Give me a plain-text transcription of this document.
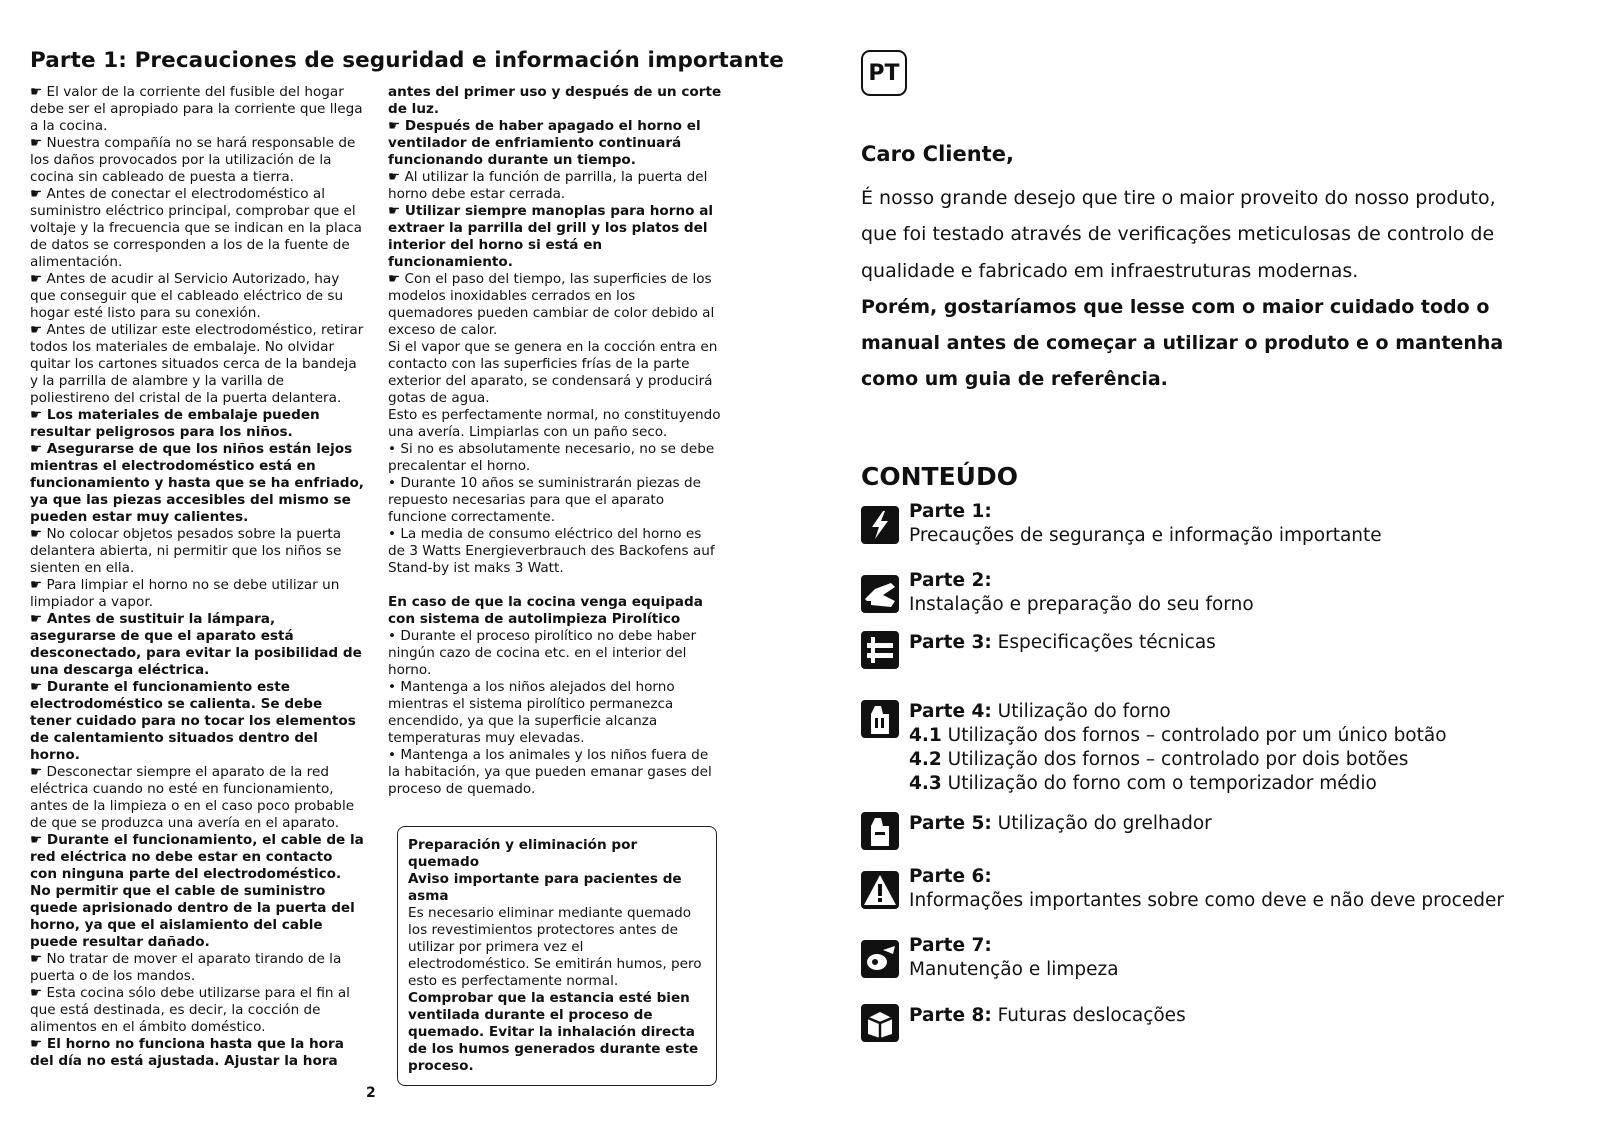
Parte 1: Precauciones de seguridad e información importante

☛ El valor de la corriente del fusible del hogar debe ser el apropiado para la corriente que llega a la cocina.

☛ Nuestra compañía no se hará responsable de los daños provocados por la utilización de la cocina sin cableado de puesta a tierra.

☛ Antes de conectar el electrodoméstico al suministro eléctrico principal, comprobar que el voltaje y la frecuencia que se indican en la placa de datos se corresponden a los de la fuente de alimentación.

☛ Antes de acudir al Servicio Autorizado, hay que conseguir que el cableado eléctrico de su hogar esté listo para su conexión.

☛ Antes de utilizar este electrodoméstico, retirar todos los materiales de embalaje. No olvidar quitar los cartones situados cerca de la bandeja y la parrilla de alambre y la varilla de poliestireno del cristal de la puerta delantera.

☛ Los materiales de embalaje pueden resultar peligrosos para los niños.

☛ Asegurarse de que los niños están lejos mientras el electrodoméstico está en funcionamiento y hasta que se ha enfriado, ya que las piezas accesibles del mismo se pueden estar muy calientes.

☛ No colocar objetos pesados sobre la puerta delantera abierta, ni permitir que los niños se sienten en ella.

☛ Para limpiar el horno no se debe utilizar un limpiador a vapor.

☛ Antes de sustituir la lámpara, asegurarse de que el aparato está desconectado, para evitar la posibilidad de una descarga eléctrica.

☛ Durante el funcionamiento este electrodoméstico se calienta. Se debe tener cuidado para no tocar los elementos de calentamiento situados dentro del horno.

☛ Desconectar siempre el aparato de la red eléctrica cuando no esté en funcionamiento, antes de la limpieza o en el caso poco probable de que se produzca una avería en el aparato.

☛ Durante el funcionamiento, el cable de la red eléctrica no debe estar en contacto con ninguna parte del electrodoméstico. No permitir que el cable de suministro quede aprisionado dentro de la puerta del horno, ya que el aislamiento del cable puede resultar dañado.

☛ No tratar de mover el aparato tirando de la puerta o de los mandos.

☛ Esta cocina sólo debe utilizarse para el fin al que está destinada, es decir, la cocción de alimentos en el ámbito doméstico.

☛ El horno no funciona hasta que la hora del día no está ajustada. Ajustar la hora

antes del primer uso y después de un corte de luz.

☛ Después de haber apagado el horno el ventilador de enfriamiento continuará funcionando durante un tiempo.

☛ Al utilizar la función de parrilla, la puerta del horno debe estar cerrada.

☛ Utilizar siempre manoplas para horno al extraer la parrilla del grill y los platos del interior del horno si está en funcionamiento.

☛ Con el paso del tiempo, las superficies de los modelos inoxidables cerrados en los quemadores pueden cambiar de color debido al exceso de calor.

Si el vapor que se genera en la cocción entra en contacto con las superficies frías de la parte exterior del aparato, se condensará y producirá gotas de agua.

Esto es perfectamente normal, no constituyendo una avería. Limpiarlas con un paño seco.

• Si no es absolutamente necesario, no se debe precalentar el horno.

• Durante 10 años se suministrarán piezas de repuesto necesarias para que el aparato funcione correctamente.

• La media de consumo eléctrico del horno es de 3 Watts Energieverbrauch des Backofens auf Stand-by ist maks 3 Watt.

En caso de que la cocina venga equipada con sistema de autolimpieza Pirolítico

• Durante el proceso pirolítico no debe haber ningún cazo de cocina etc. en el interior del horno.

• Mantenga a los niños alejados del horno mientras el sistema pirolítico permanezca encendido, ya que la superficie alcanza temperaturas muy elevadas.

• Mantenga a los animales y los niños fuera de la habitación, ya que pueden emanar gases del proceso de quemado.

Preparación y eliminación por quemado

Aviso importante para pacientes de asma

Es necesario eliminar mediante quemado los revestimientos protectores antes de utilizar por primera vez el electrodoméstico. Se emitirán humos, pero esto es perfectamente normal.

Comprobar que la estancia esté bien ventilada durante el proceso de quemado. Evitar la inhalación directa de los humos generados durante este proceso.

2
PT
Caro Cliente,

É nosso grande desejo que tire o maior proveito do nosso produto, que foi testado através de verificações meticulosas de controlo de qualidade e fabricado em infraestruturas modernas.

Porém, gostaríamos que lesse com o maior cuidado todo o manual antes de começar a utilizar o produto e o mantenha como um guia de referência.

CONTEÚDO
Parte 1:
Precauções de segurança e informação importante
Parte 2:
Instalação e preparação do seu forno
Parte 3: Especificações técnicas
Parte 4: Utilização do forno
4.1 Utilização dos fornos – controlado por um único botão
4.2 Utilização dos fornos – controlado por dois botões
4.3 Utilização do forno com o temporizador médio
Parte 5: Utilização do grelhador
Parte 6:
Informações importantes sobre como deve e não deve proceder
Parte 7:
Manutenção e limpeza
Parte 8: Futuras deslocações
